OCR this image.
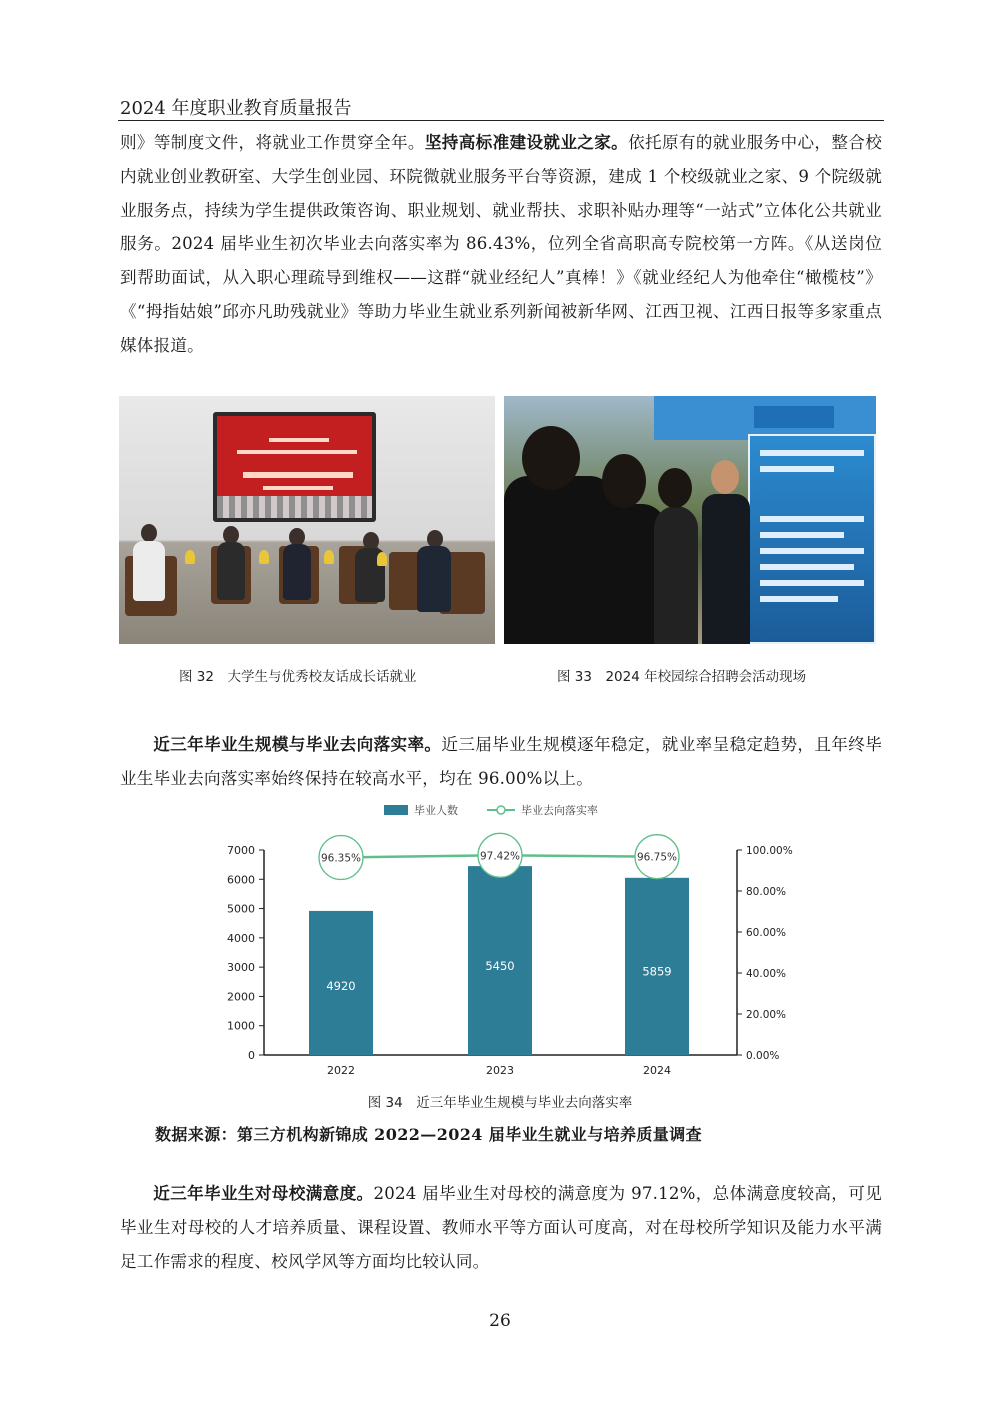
2024 年度职业教育质量报告
则》等制度文件，将就业工作贯穿全年。坚持高标准建设就业之家。依托原有的就业服务中心，整合校内就业创业教研室、大学生创业园、环院微就业服务平台等资源，建成 1 个校级就业之家、9 个院级就业服务点，持续为学生提供政策咨询、职业规划、就业帮扶、求职补贴办理等“一站式”立体化公共就业服务。2024 届毕业生初次毕业去向落实率为 86.43%，位列全省高职高专院校第一方阵。《从送岗位到帮助面试，从入职心理疏导到维权——这群“就业经纪人”真棒！》《就业经纪人为他牵住“橄榄枝”》《“拇指姑娘”邱亦凡助残就业》等助力毕业生就业系列新闻被新华网、江西卫视、江西日报等多家重点媒体报道。
图 32　大学生与优秀校友话成长话就业	图 33　2024 年校园综合招聘会活动现场
近三年毕业生规模与毕业去向落实率。近三届毕业生规模逐年稳定，就业率呈稳定趋势，且年终毕业生毕业去向落实率始终保持在较高水平，均在 96.00%以上。
毕业人数	毕业去向落实率
0
1000
2000
3000
4000
5000
6000
7000
0.00%
20.00%
40.00%
60.00%
80.00%
100.00%
4920
2022
5450
2023
5859
2024
96.35%	97.42%	96.75%
图 34　近三年毕业生规模与毕业去向落实率
数据来源：第三方机构新锦成 2022—2024 届毕业生就业与培养质量调查
近三年毕业生对母校满意度。2024 届毕业生对母校的满意度为 97.12%，总体满意度较高，可见毕业生对母校的人才培养质量、课程设置、教师水平等方面认可度高，对在母校所学知识及能力水平满足工作需求的程度、校风学风等方面均比较认同。
26
